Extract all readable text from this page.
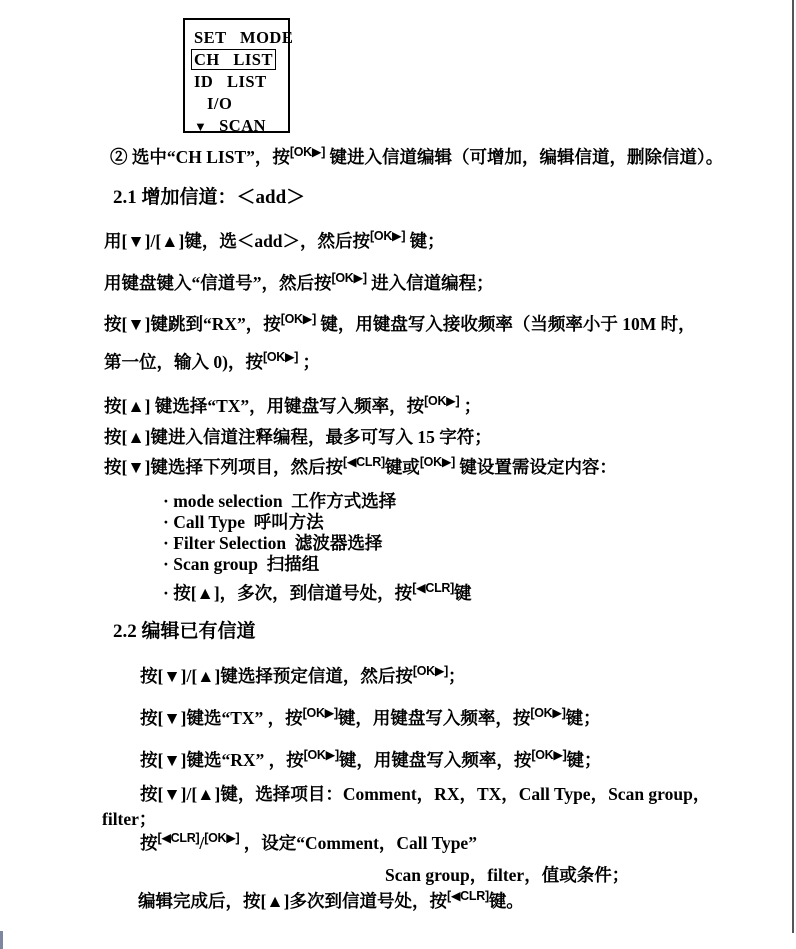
SET MODE
CH LIST
ID LIST
I/O
▼ SCAN
② 选中“CH LIST”，按[OK▶] 键进入信道编辑（可增加，编辑信道，删除信道）。
2.1 增加信道：＜add＞
用[▼]/[▲]键，选＜add＞，然后按[OK▶] 键；
用键盘键入“信道号”，然后按[OK▶] 进入信道编程；
按[▼]键跳到“RX”，按[OK▶] 键，用键盘写入接收频率（当频率小于 10M 时，
第一位，输入 0)，按[OK▶] ；
按[▲] 键选择“TX”，用键盘写入频率，按[OK▶] ；
按[▲]键进入信道注释编程，最多可写入 15 字符；
按[▼]键选择下列项目，然后按[◀CLR]键或[OK▶] 键设置需设定内容：
· mode selection  工作方式选择
· Call Type  呼叫方法
· Filter Selection  滤波器选择
· Scan group  扫描组
· 按[▲]，多次，到信道号处，按[◀CLR]键
2.2 编辑已有信道
按[▼]/[▲]键选择预定信道，然后按[OK▶]；
按[▼]键选“TX” ，按[OK▶]键，用键盘写入频率，按[OK▶]键；
按[▼]键选“RX” ，按[OK▶]键，用键盘写入频率，按[OK▶]键；
按[▼]/[▲]键，选择项目：Comment，RX，TX，Call Type，Scan group，
filter；
按[◀CLR]/[OK▶] ，设定“Comment，Call Type”
Scan group，filter，值或条件；
编辑完成后，按[▲]多次到信道号处，按[◀CLR]键。
